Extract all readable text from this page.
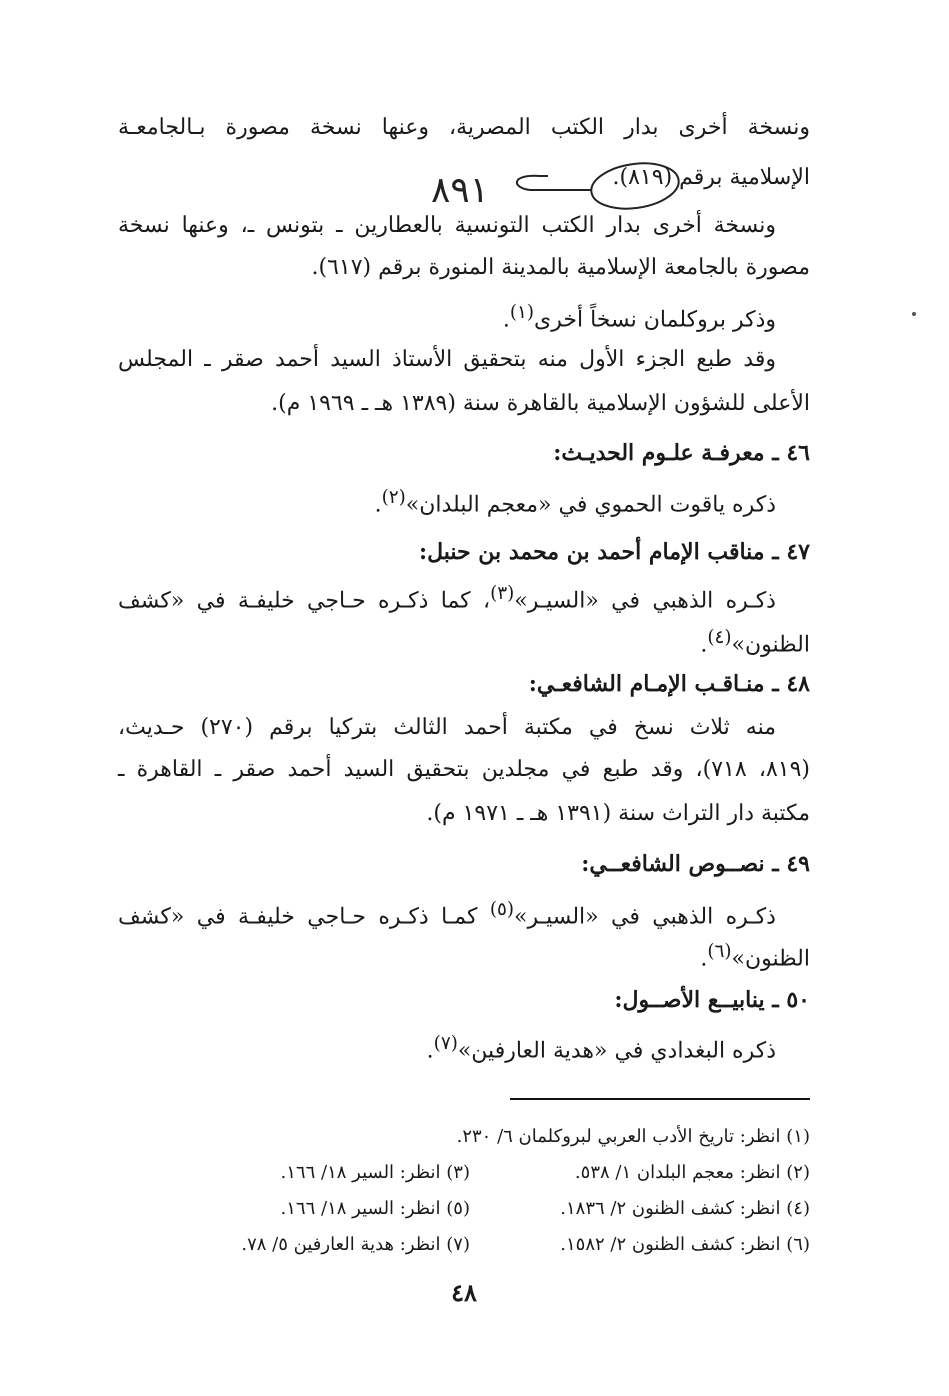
ونسخة أخرى بدار الكتب المصرية، وعنها نسخة مصورة بـالجامعـة
الإسلامية برقم (٨١٩).
٨٩١
ونسخة أخرى بدار الكتب التونسية بالعطارين ـ بتونس ـ، وعنها نسخة
مصورة بالجامعة الإسلامية بالمدينة المنورة برقم (٦١٧).
وذكر بروكلمان نسخاً أخرى$^{(١)}$.
وقد طبع الجزء الأول منه بتحقيق الأستاذ السيد أحمد صقر ـ المجلس
الأعلى للشؤون الإسلامية بالقاهرة سنة (١٣٨٩ هـ ـ ١٩٦٩ م).
٤٦ ـ معرفـة علـوم الحديـث:
ذكره ياقوت الحموي في «معجم البلدان»$^{(٢)}$.
٤٧ ـ مناقب الإمام أحمد بن محمد بن حنبل:
ذكـره الذهبي في «السيـر»$^{(٣)}$، كما ذكـره حـاجي خليفـة في «كشف
الظنون»$^{(٤)}$.
٤٨ ـ منـاقـب الإمـام الشافعـي:
منه ثلاث نسخ في مكتبة أحمد الثالث بتركيا برقم (٢٧٠) حـديث،
(٨١٩، ٧١٨)، وقد طبع في مجلدين بتحقيق السيد أحمد صقر ـ القاهرة ـ
مكتبة دار التراث سنة (١٣٩١ هـ ـ ١٩٧١ م).
٤٩ ـ نصــوص الشافعــي:
ذكـره الذهبي في «السيـر»$^{(٥)}$ كمـا ذكـره حـاجي خليفـة في «كشف
الظنون»$^{(٦)}$.
٥٠ ـ ينابيــع الأصــول:
ذكره البغدادي في «هدية العارفين»$^{(٧)}$.
(١) انظر: تاريخ الأدب العربي لبروكلمان ٦/ ٢٣٠.
(٢) انظر: معجم البلدان ١/ ٥٣٨.
(٣) انظر: السير ١٨/ ١٦٦.
(٤) انظر: كشف الظنون ٢/ ١٨٣٦.
(٥) انظر: السير ١٨/ ١٦٦.
(٦) انظر: كشف الظنون ٢/ ١٥٨٢.
(٧) انظر: هدية العارفين ٥/ ٧٨.
٤٨
